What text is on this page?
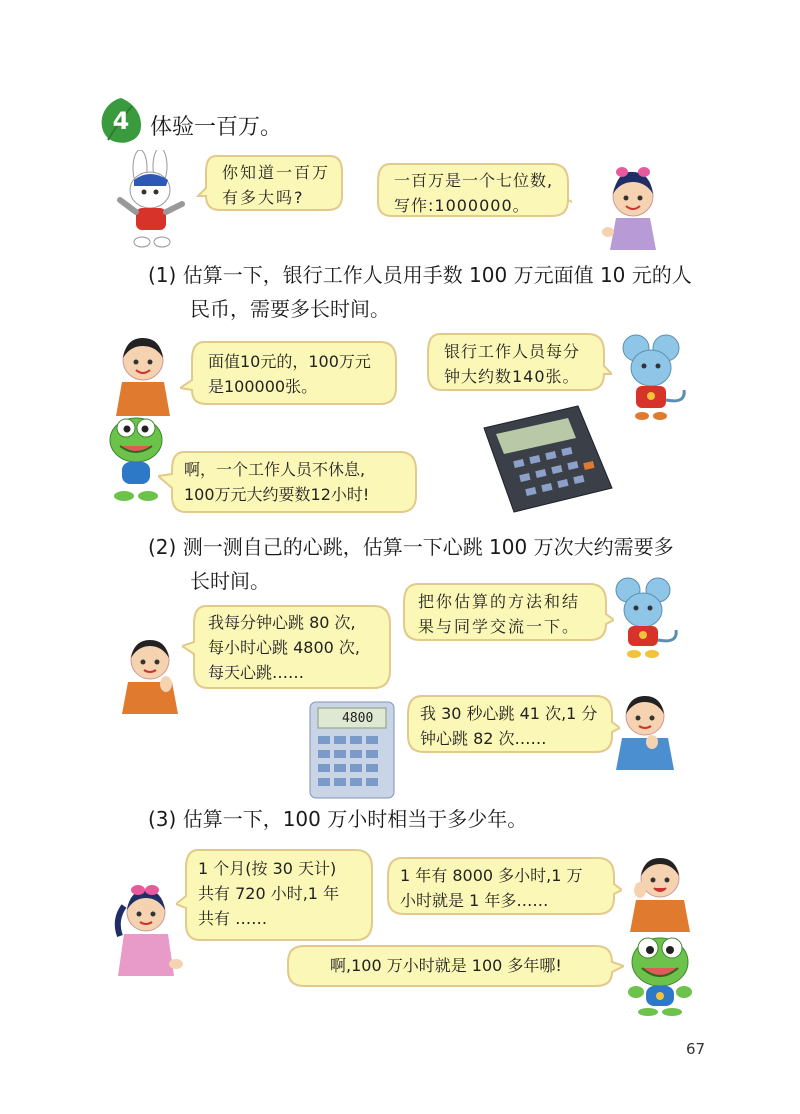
4 体验一百万。
你知道一百万
有多大吗?
一百万是一个七位数,
写作:1000000。
(1) 估算一下，银行工作人员用手数 100 万元面值 10 元的人
民币，需要多长时间。
面值10元的，100万元
是100000张。
银行工作人员每分
钟大约数140张。
啊，一个工作人员不休息,
100万元大约要数12小时!
(2) 测一测自己的心跳，估算一下心跳 100 万次大约需要多
长时间。
把你估算的方法和结
果与同学交流一下。
我每分钟心跳 80 次,
每小时心跳 4800 次,
每天心跳……
4800	我 30 秒心跳 41 次,1 分
钟心跳 82 次……
(3) 估算一下，100 万小时相当于多少年。
1 个月(按 30 天计)
共有 720 小时,1 年
共有 ……
1 年有 8000 多小时,1 万
小时就是 1 年多……
啊,100 万小时就是 100 多年哪!
67
